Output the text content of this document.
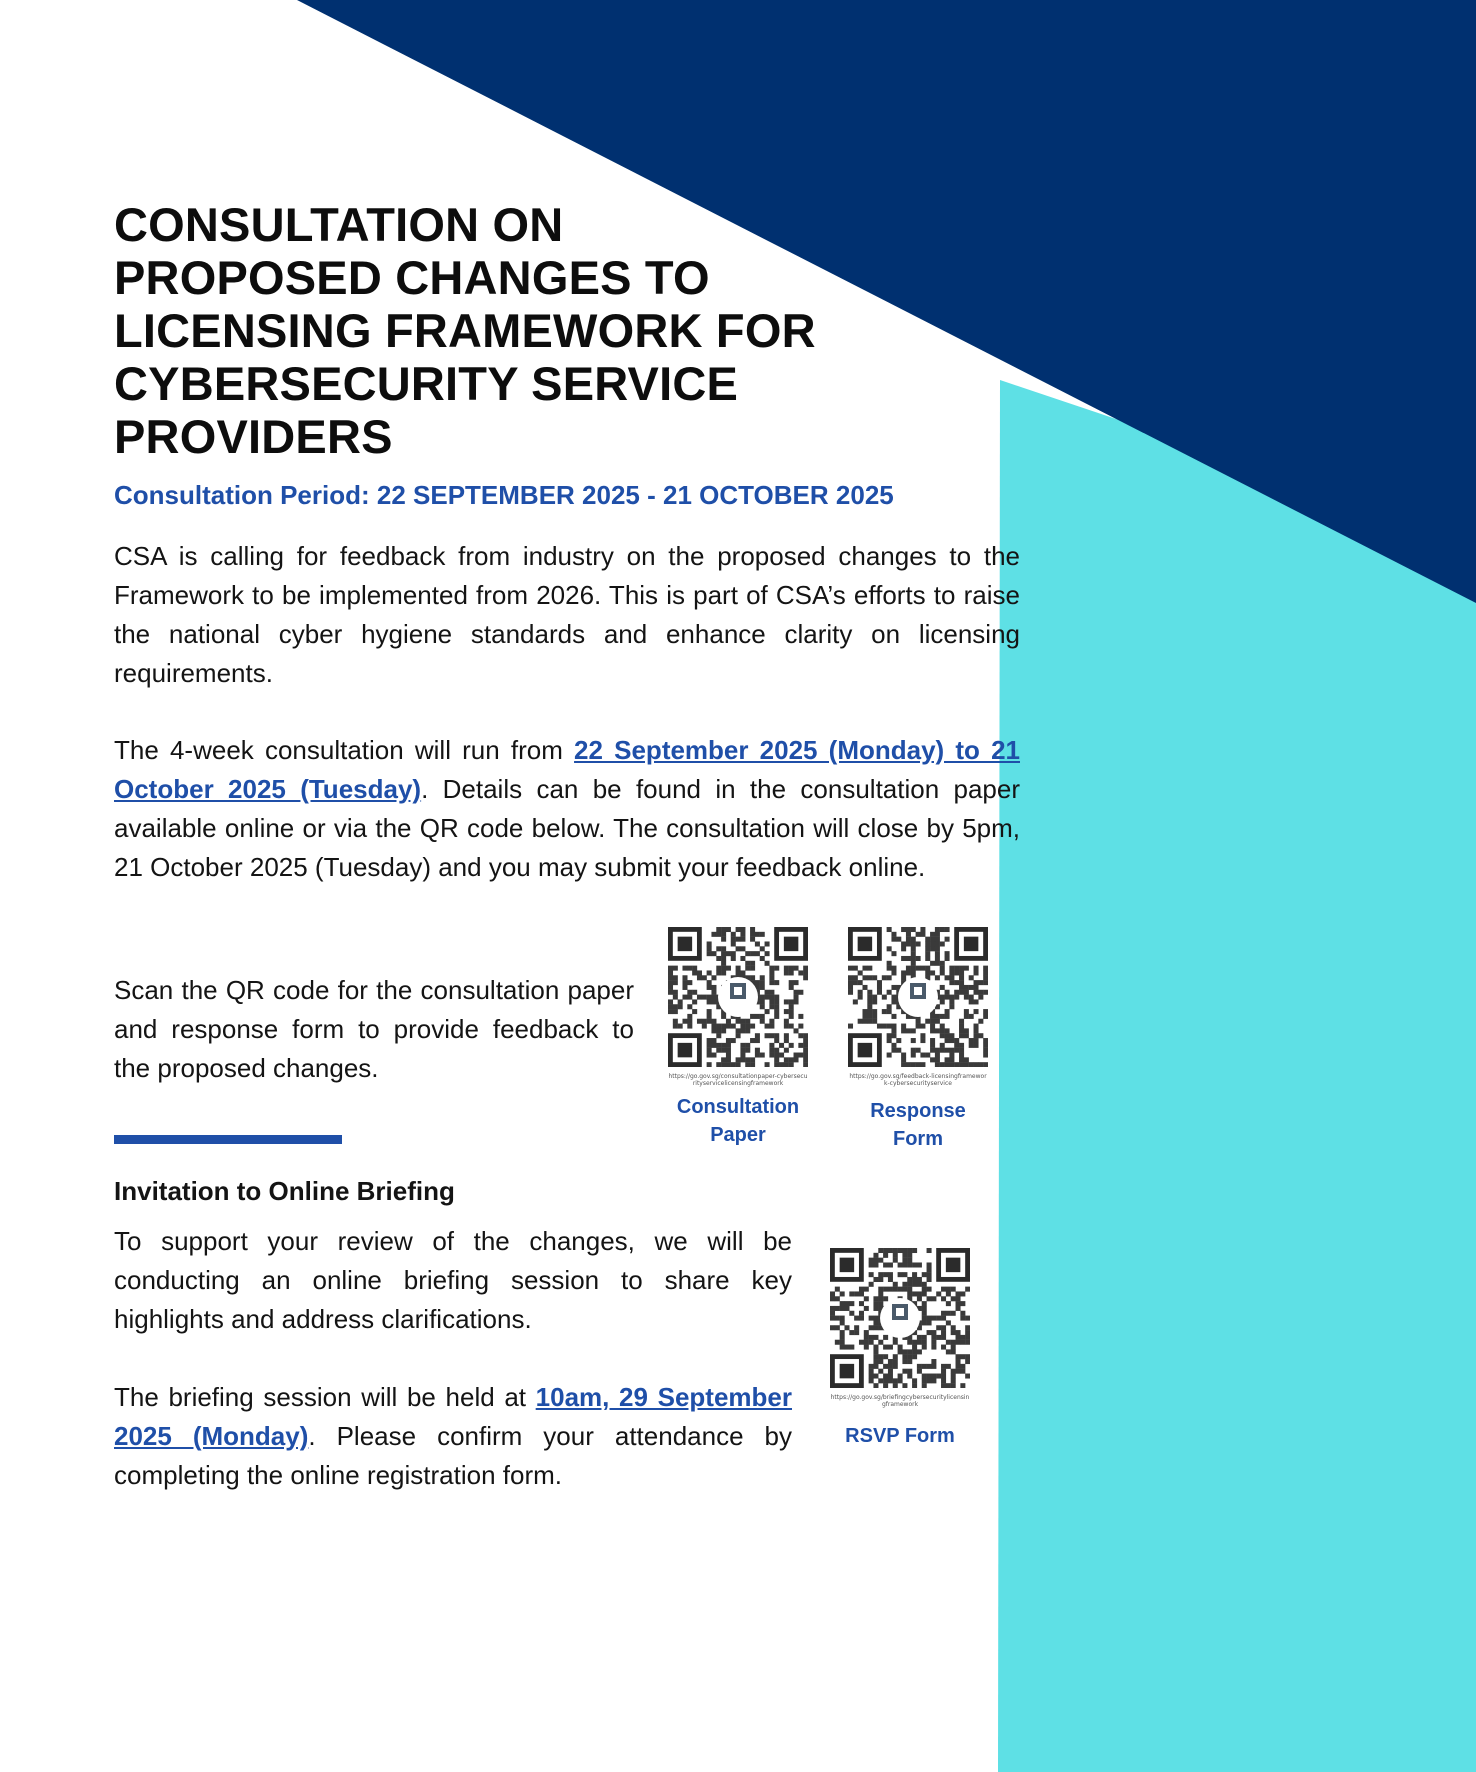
CONSULTATION ON
PROPOSED CHANGES TO
LICENSING FRAMEWORK FOR
CYBERSECURITY SERVICE
PROVIDERS

Consultation Period: 22 SEPTEMBER 2025 - 21 OCTOBER 2025

CSA is calling for feedback from industry on the proposed changes to the Framework to be implemented from 2026. This is part of CSA’s efforts to raise the national cyber hygiene standards and enhance clarity on licensing requirements.

The 4-week consultation will run from 22 September 2025 (Monday) to 21 October 2025 (Tuesday). Details can be found in the consultation paper available online or via the QR code below. The consultation will close by 5pm, 21 October 2025 (Tuesday) and you may submit your feedback online.

Scan the QR code for the consultation paper and response form to provide feedback to the proposed changes.	https://go.gov.sg/consultationpaper-cybersecurityservicelicensingframework
Consultation Paper
https://go.gov.sg/feedback-licensingframework-cybersecurityservice
Response Form
Invitation to Online Briefing

To support your review of the changes, we will be conducting an online briefing session to share key highlights and address clarifications.

The briefing session will be held at 10am, 29 September 2025 (Monday). Please confirm your attendance by completing the online registration form.

https://go.gov.sg/briefingcybersecuritylicensingframework
RSVP Form
